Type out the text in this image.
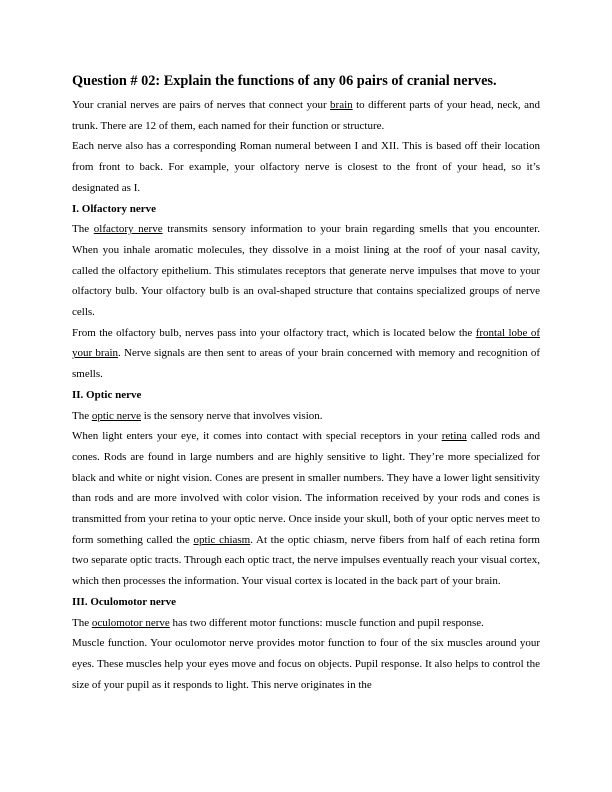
Question # 02: Explain the functions of any 06 pairs of cranial nerves.

Your cranial nerves are pairs of nerves that connect your brain to different parts of your head, neck, and trunk. There are 12 of them, each named for their function or structure.

Each nerve also has a corresponding Roman numeral between I and XII. This is based off their location from front to back. For example, your olfactory nerve is closest to the front of your head, so it’s designated as I.

I. Olfactory nerve

The olfactory nerve transmits sensory information to your brain regarding smells that you encounter. When you inhale aromatic molecules, they dissolve in a moist lining at the roof of your nasal cavity, called the olfactory epithelium. This stimulates receptors that generate nerve impulses that move to your olfactory bulb. Your olfactory bulb is an oval-shaped structure that contains specialized groups of nerve cells.

From the olfactory bulb, nerves pass into your olfactory tract, which is located below the frontal lobe of your brain. Nerve signals are then sent to areas of your brain concerned with memory and recognition of smells.

II. Optic nerve

The optic nerve is the sensory nerve that involves vision.

When light enters your eye, it comes into contact with special receptors in your retina called rods and cones. Rods are found in large numbers and are highly sensitive to light. They’re more specialized for black and white or night vision. Cones are present in smaller numbers. They have a lower light sensitivity than rods and are more involved with color vision. The information received by your rods and cones is transmitted from your retina to your optic nerve. Once inside your skull, both of your optic nerves meet to form something called the optic chiasm. At the optic chiasm, nerve fibers from half of each retina form two separate optic tracts. Through each optic tract, the nerve impulses eventually reach your visual cortex, which then processes the information. Your visual cortex is located in the back part of your brain.

III. Oculomotor nerve

The oculomotor nerve has two different motor functions: muscle function and pupil response.

Muscle function. Your oculomotor nerve provides motor function to four of the six muscles around your eyes. These muscles help your eyes move and focus on objects. Pupil response. It also helps to control the size of your pupil as it responds to light. This nerve originates in the
